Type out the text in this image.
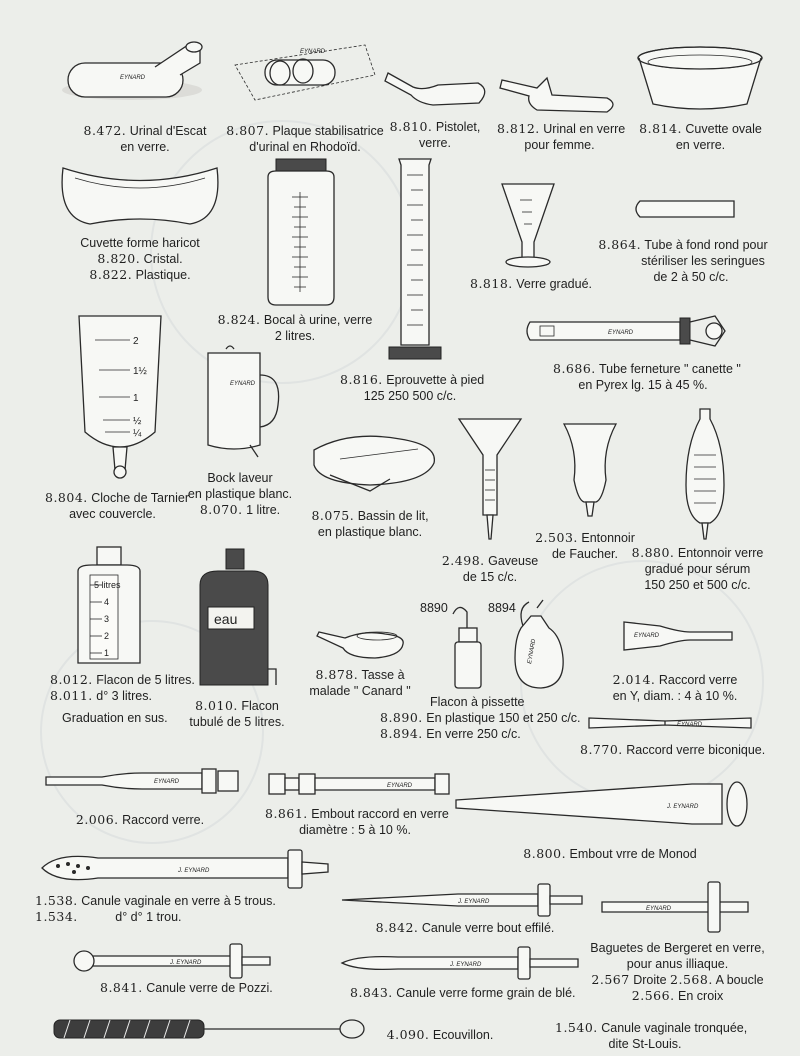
EYNARD
8.472. Urinal d'Escat
en verre.
EYNARD
8.807. Plaque stabilisatrice
d'urinal en Rhodoïd.
8.810. Pistolet,
verre.
8.812. Urinal en verre
pour femme.
8.814. Cuvette ovale
en verre.
Cuvette forme haricot
8.820. Cristal.
8.822. Plastique.
8.824. Bocal à urine, verre
2 litres.
8.816. Eprouvette à pied
125 250 500 c/c.
8.818. Verre gradué.
8.864. Tube à fond rond pour
stériliser les seringues
de 2 à 50 c/c.
EYNARD
8.686. Tube ferneture " canette "
en Pyrex lg. 15 à 45 %.
2
1½
1
½
¼
8.804. Cloche de Tarnier
avec couvercle.
EYNARD
Bock laveur
en plastique blanc.
8.070. 1 litre.	8.075. Bassin de lit,
en plastique blanc.
2.498. Gaveuse
de 15 c/c.
2.503. Entonnoir
de Faucher.	8.880. Entonnoir verre
gradué pour sérum
150 250 et 500 c/c.
5 litres
4
3
2
1
8.012. Flacon de 5 litres.
8.011. d° 3 litres.
Graduation en sus.
eau
8.010. Flacon
tubulé de 5 litres.
8.878. Tasse à
malade " Canard "
8890	8894
EYNARD
Flacon à pissette
8.890. En plastique 150 et 250 c/c.
8.894. En verre 250 c/c.
EYNARD
2.014. Raccord verre
en Y, diam. : 4 à 10 %.
EYNARD
8.770. Raccord verre biconique.
EYNARD
2.006. Raccord verre.
EYNARD
8.861. Embout raccord en verre
diamètre : 5 à 10 %.
J. EYNARD
8.800. Embout vrre de Monod
J. EYNARD
1.538. Canule vaginale en verre à 5 trous.
1.534.	d° d° 1 trou.
J. EYNARD
8.842. Canule verre bout effilé.
EYNARD
Baguetes de Bergeret en verre,
pour anus illiaque.
2.567 Droite 2.568. A boucle
2.566. En croix
J. EYNARD
8.841. Canule verre de Pozzi.
J. EYNARD
8.843. Canule verre forme grain de blé.
4.090. Ecouvillon.	1.540. Canule vaginale tronquée,
dite St-Louis.
